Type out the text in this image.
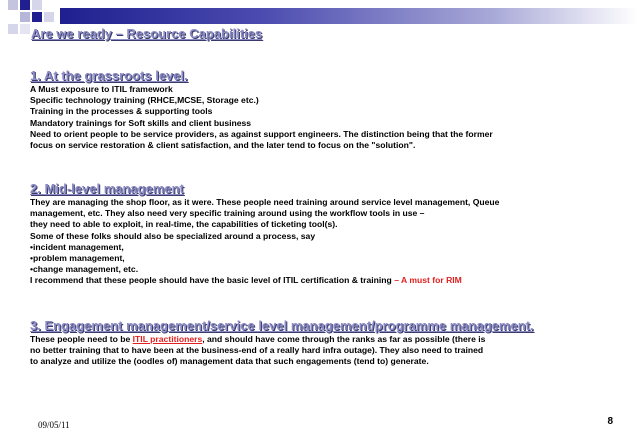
Are we ready – Resource Capabilities
1. At the grassroots level.
A Must exposure to ITIL framework
Specific technology training (RHCE,MCSE, Storage etc.)
Training in the processes & supporting tools
Mandatory trainings for Soft skills and client business
Need to orient people to be service providers, as against support engineers. The distinction being that the former
focus on service restoration & client satisfaction, and the later tend to focus on the "solution".
2. Mid-level management
They are managing the shop floor, as it were. These people need training around service level management, Queue
management, etc. They also need very specific training around using the workflow tools in use –
they need to able to exploit, in real-time, the capabilities of ticketing tool(s).
Some of these folks should also be specialized around a process, say
•incident management,
•problem management,
•change management, etc.
I recommend that these people should have the basic level of ITIL certification & training – A must for RIM
3. Engagement management/service level management/programme management.
These people need to be ITIL practitioners, and should have come through the ranks as far as possible (there is
no better training that to have been at the business-end of a really hard infra outage). They also need to trained
to analyze and utilize the (oodles of) management data that such engagements (tend to) generate.
09/05/11	8
